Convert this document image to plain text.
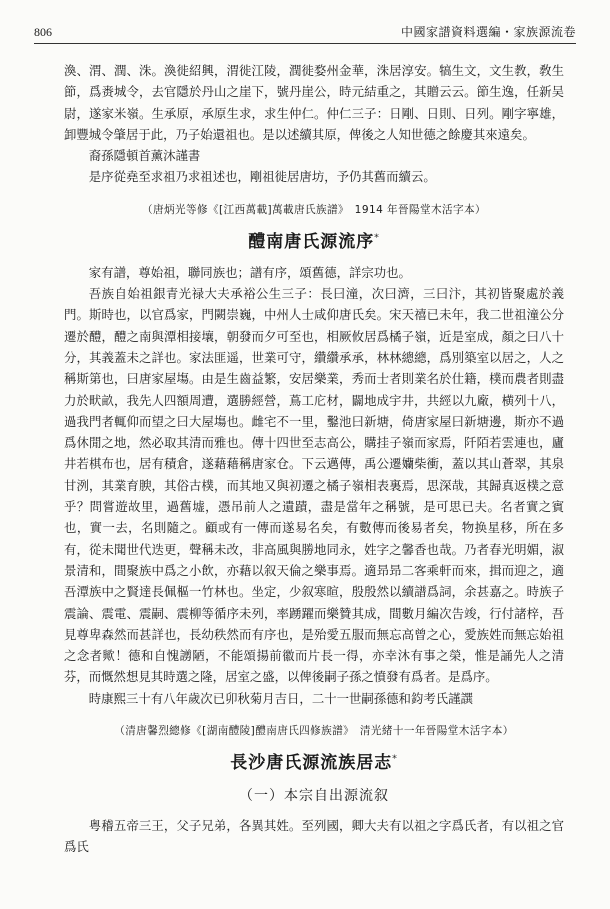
806	中國家譜資料選編・家族源流卷

渙、渭、潤、洙。渙徙紹興，渭徙江陵，潤徙婺州金華，洙居淳安。犒生文，文生教，敎生節，爲赉城令，去官隱於丹山之崖下，號丹崖公，時元結重之，其贈云云。節生逸，任新吴尉，遂家米嶺。生承原，承原生求，求生仲仁。仲仁三子：日剛、日則、日列。剛字寧雄，卸豐城令肇居于此，乃子始還祖也。是以述續其原，俾後之人知世德之餘慶其來遠矣。

裔孫隱頓首薰沐謹書

是序從堯至求祖乃求祖述也，剛祖徙居唐坊，予仍其舊而續云。

（唐炳光等修《[江西萬載]萬載唐氏族譜》　1914 年晉陽堂木活字本）
醴南唐氏源流序*

家有譜，尊始祖，聯同族也；譜有序，頌舊德，詳宗功也。

吾族自始祖銀青光禄大夫承裕公生三子：長曰潼，次曰濟，三曰汴，其初皆聚處於義門。斯時也，以官爲家，門闕崇巍，中州人士咸仰唐氏矣。宋天禧已未年，我二世祖潼公分遷於醴，醴之南與潭相接壤，朝發而夕可至也，相厥攸居爲橘子嶺，近是室成，顏之曰八十分，其義蓋未之詳也。家法匪遥，世業可守，纘纘承承，林林總總，爲別築室以居之，人之稱斯第也，曰唐家屋塲。由是生齒益繁，安居樂業，秀而士者則業名於仕籍，樸而農者則盡力於畎畝，我先人四額周遭，選勝經營，蔦工庀材，闢地成宇井，共經以九廠，横列十八，過我門者輒仰而望之曰大屋塲也。雌宅不一里，鑿池曰新塘，倚唐家屋曰新塘邊，斯亦不過爲休閒之地，然必取其清而雅也。傳十四世至志高公，購挂子嶺而家焉，阡陌若雲連也，廬井若棋布也，居有積倉，遂藉藉稱唐家仓。下云邁傳，禹公遷孏柴衝，蓋以其山蒼翠，其泉甘洌，其業育腴，其俗古樸，而其地又與初遷之橘子嶺相表裏焉，思深哉，其歸真返樸之意乎？問嘗遊故里，過舊墟，憑吊前人之遺蹟，盡是當年之稱號，是可思已夫。名者實之賓也，實一去，名則隨之。顧或有一傳而遂易名矣，有數傳而後易者矣，物换星移，所在多有，從未聞世代迭更，聲稱未改，非高風與勝地同永，姓字之馨香也哉。乃者春光明媚，淑景清和，間聚族中爲之小飲，亦藉以叙天倫之樂事焉。適昻昻二客乘軒而來，揖而迎之，適吾潭族中之賢達長佩樞一竹林也。坐定，少叙寒暄，殷殷然以續譜爲詞，余甚嘉之。時族子震論、震電、震嗣、震柳等循序未列，率踴躍而樂贊其成，間數月編次告竣，行付諸梓，吾見尊卑森然而甚詳也，長幼秩然而有序也，是殆愛五服而無忘高曾之心，愛族姓而無忘始祖之念者歟！德和自愧謭陋，不能頌揚前徽而片長一得，亦幸沐有事之榮，惟是誦先人之清芬，而慨然想見其時選之隆，居室之盛，以俾後嗣子孫之憤發有爲者。是爲序。

時康熙三十有八年歲次已卯秋菊月吉日，二十一世嗣孫德和鈞考氏謹譔

（清唐馨烈總修《[湖南醴陵]醴南唐氏四修族譜》　清光緒十一年晉陽堂木活字本）
長沙唐氏源流族居志*
（一）本宗自出源流叙

粤稽五帝三王，父子兄弟，各異其姓。至列國，卿大夫有以祖之字爲氏者，有以祖之官爲氏
